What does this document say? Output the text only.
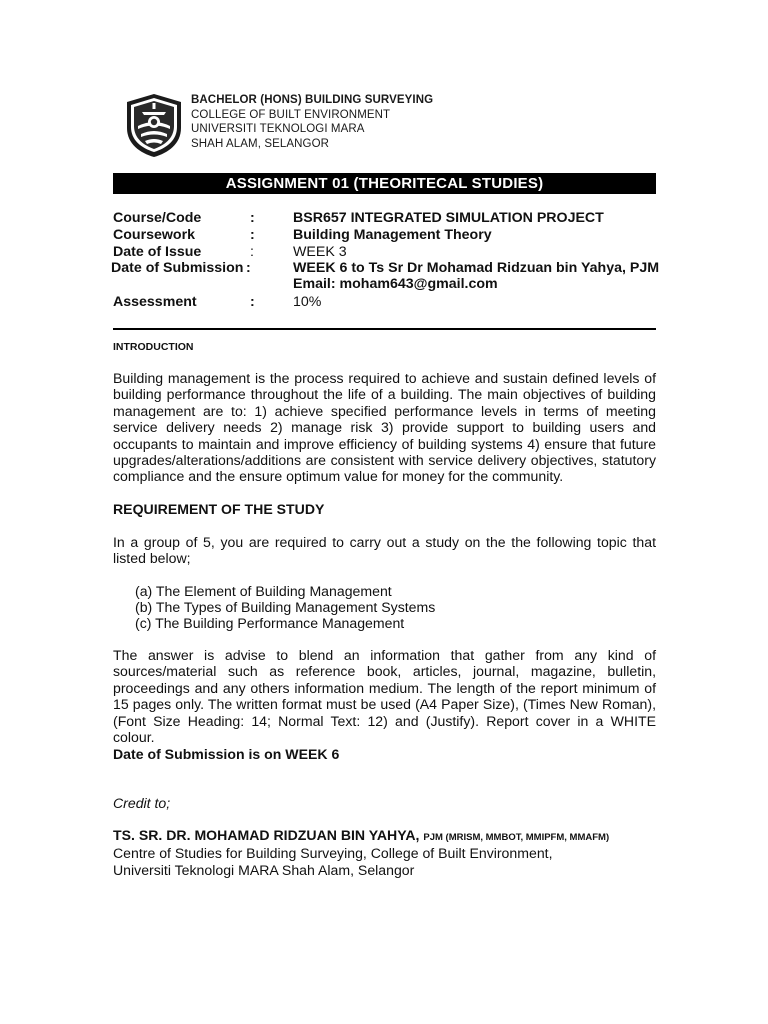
BACHELOR (HONS) BUILDING SURVEYING
COLLEGE OF BUILT ENVIRONMENT
UNIVERSITI TEKNOLOGI MARA
SHAH ALAM, SELANGOR
ASSIGNMENT 01 (THEORITECAL STUDIES)
Course/Code	:	BSR657 INTEGRATED SIMULATION PROJECT
Coursework	:	Building Management Theory
Date of Issue	:	WEEK 3
Date of Submission :	WEEK 6 to Ts Sr Dr Mohamad Ridzuan bin Yahya, PJM
Email: moham643@gmail.com
Assessment	:	10%
INTRODUCTION
Building management is the process required to achieve and sustain defined levels of building performance throughout the life of a building. The main objectives of building management are to: 1) achieve specified performance levels in terms of meeting service delivery needs 2) manage risk 3) provide support to building users and occupants to maintain and improve efficiency of building systems 4) ensure that future upgrades/alterations/additions are consistent with service delivery objectives, statutory compliance and the ensure optimum value for money for the community.
REQUIREMENT OF THE STUDY
In a group of 5, you are required to carry out a study on the the following topic that listed below;
(a) The Element of Building Management
(b) The Types of Building Management Systems
(c) The Building Performance Management
The answer is advise to blend an information that gather from any kind of sources/material such as reference book, articles, journal, magazine, bulletin, proceedings and any others information medium. The length of the report minimum of 15 pages only. The written format must be used (A4 Paper Size), (Times New Roman), (Font Size Heading: 14; Normal Text: 12) and (Justify). Report cover in a WHITE colour.
Date of Submission is on WEEK 6
Credit to;
TS. SR. DR. MOHAMAD RIDZUAN BIN YAHYA, PJM (MRISM, MMBOT, MMIPFM, MMAFM)
Centre of Studies for Building Surveying, College of Built Environment,
Universiti Teknologi MARA Shah Alam, Selangor
